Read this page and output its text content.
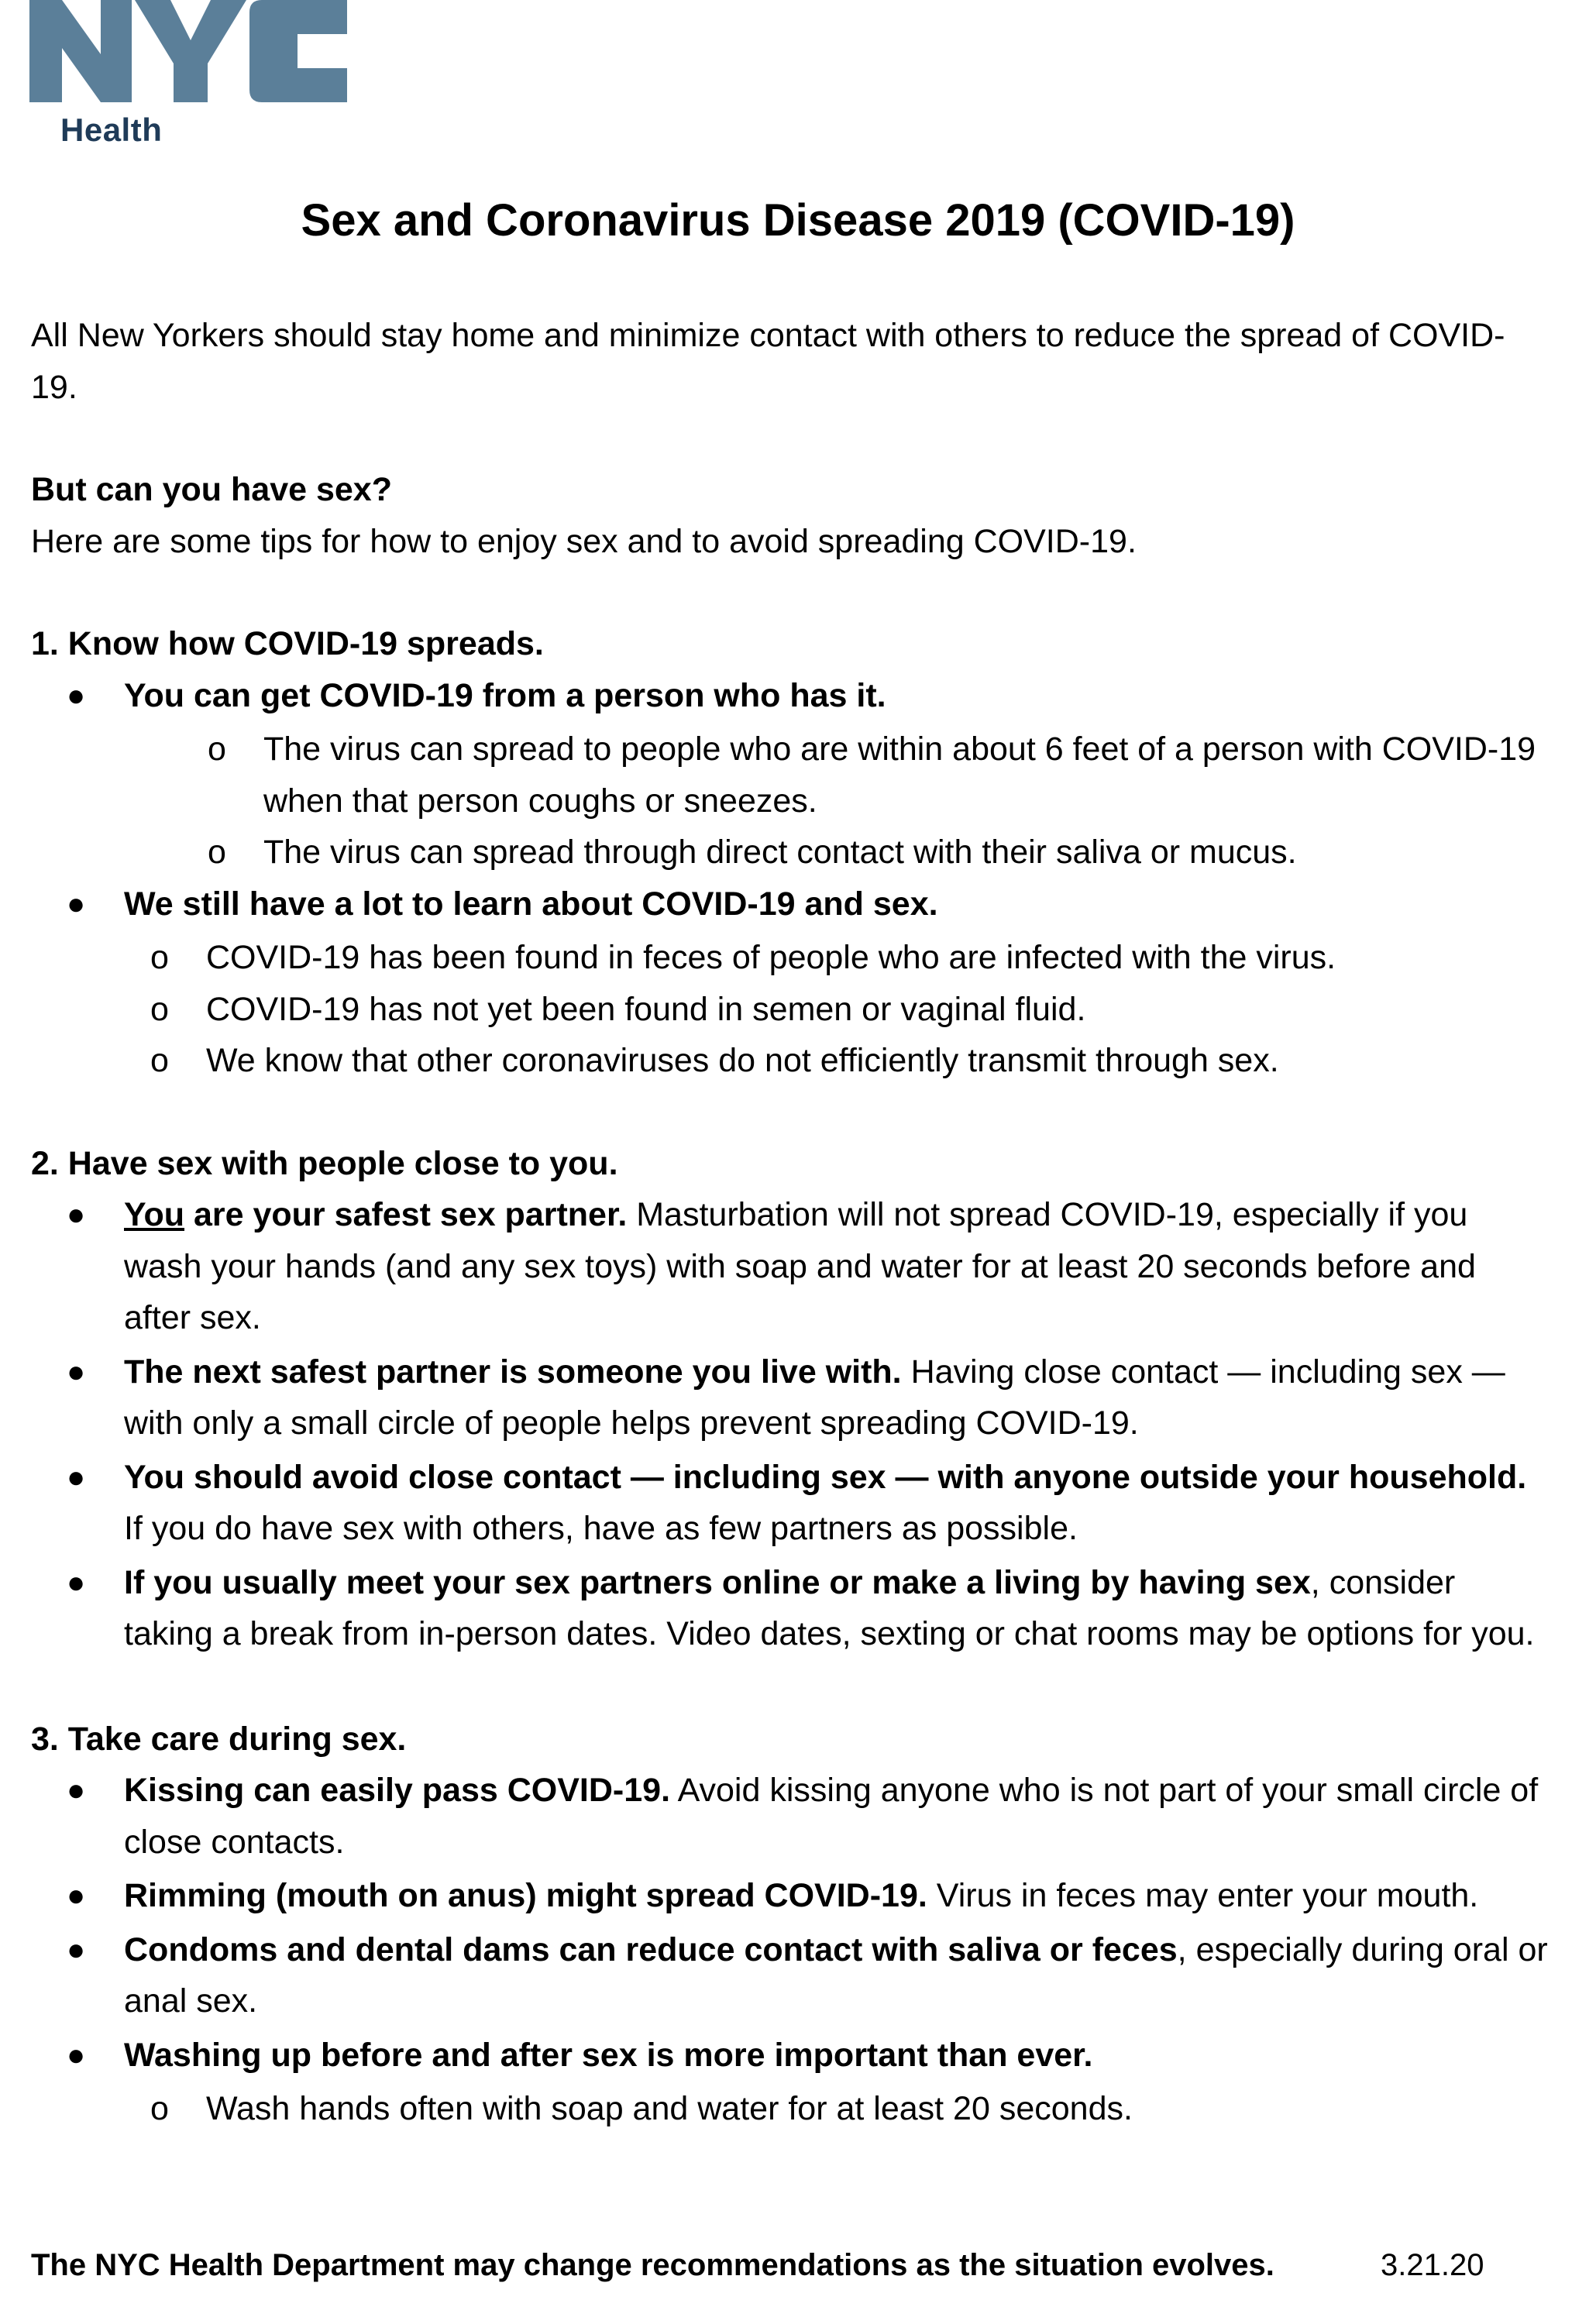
Health
Sex and Coronavirus Disease 2019 (COVID-19)

All New Yorkers should stay home and minimize contact with others to reduce the spread of COVID-19.

But can you have sex?

Here are some tips for how to enjoy sex and to avoid spreading COVID-19.

1. Know how COVID-19 spreads.

● You can get COVID-19 from a person who has it.
o The virus can spread to people who are within about 6 feet of a person with COVID-19 when that person coughs or sneezes.
o The virus can spread through direct contact with their saliva or mucus.
● We still have a lot to learn about COVID-19 and sex.
o COVID-19 has been found in feces of people who are infected with the virus.
o COVID-19 has not yet been found in semen or vaginal fluid.
o We know that other coronaviruses do not efficiently transmit through sex.

2. Have sex with people close to you.

● You are your safest sex partner. Masturbation will not spread COVID-19, especially if you wash your hands (and any sex toys) with soap and water for at least 20 seconds before and after sex.
● The next safest partner is someone you live with. Having close contact — including sex — with only a small circle of people helps prevent spreading COVID-19.
● You should avoid close contact — including sex — with anyone outside your household. If you do have sex with others, have as few partners as possible.
● If you usually meet your sex partners online or make a living by having sex, consider taking a break from in-person dates. Video dates, sexting or chat rooms may be options for you.

3. Take care during sex.

● Kissing can easily pass COVID-19. Avoid kissing anyone who is not part of your small circle of close contacts.
● Rimming (mouth on anus) might spread COVID-19. Virus in feces may enter your mouth.
● Condoms and dental dams can reduce contact with saliva or feces, especially during oral or anal sex.
● Washing up before and after sex is more important than ever.
o Wash hands often with soap and water for at least 20 seconds.
The NYC Health Department may change recommendations as the situation evolves.	3.21.20
